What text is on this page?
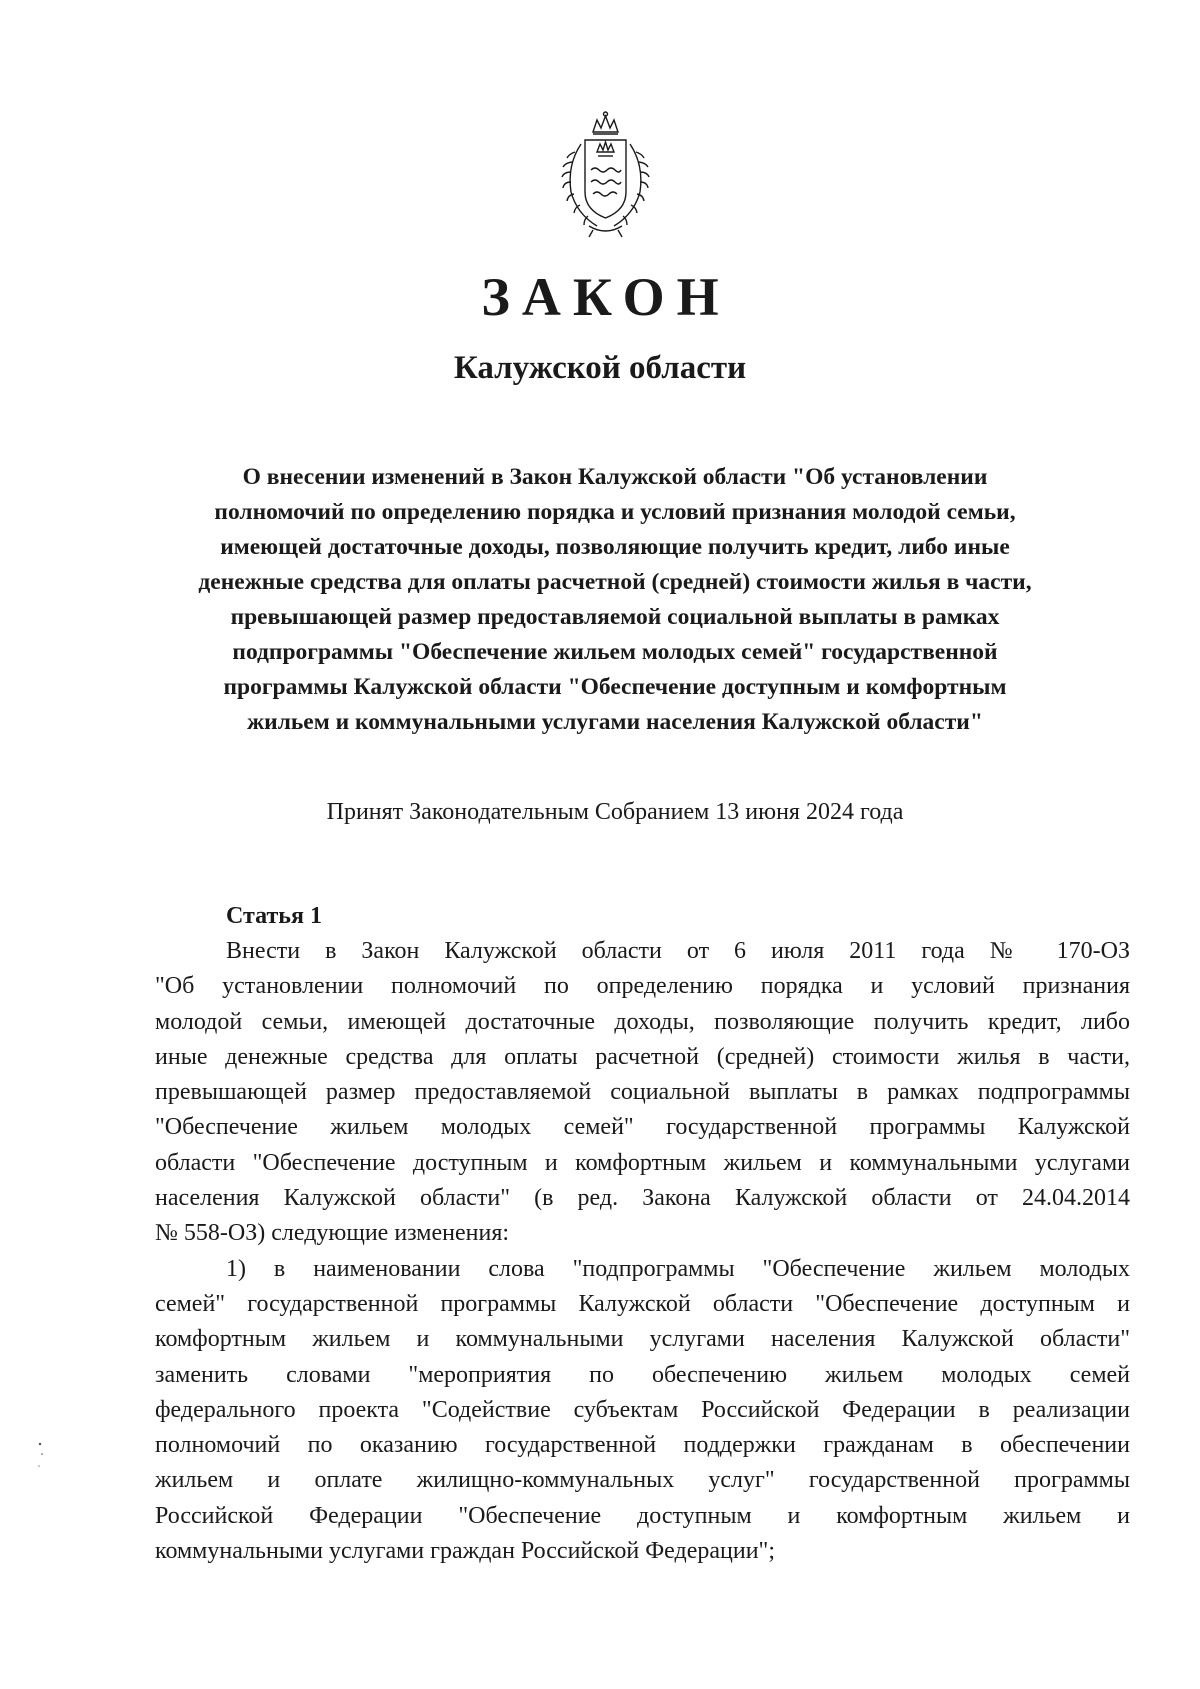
ЗАКОН
Калужской области
О внесении изменений в Закон Калужской области "Об установлении
полномочий по определению порядка и условий признания молодой семьи,
имеющей достаточные доходы, позволяющие получить кредит, либо иные
денежные средства для оплаты расчетной (средней) стоимости жилья в части,
превышающей размер предоставляемой социальной выплаты в рамках
подпрограммы "Обеспечение жильем молодых семей" государственной
программы Калужской области "Обеспечение доступным и комфортным
жильем и коммунальными услугами населения Калужской области"
Принят Законодательным Собранием 13 июня 2024 года
Статья 1
Внести в Закон Калужской области от 6 июля 2011 года № 170-ОЗ
"Об установлении полномочий по определению порядка и условий признания
молодой семьи, имеющей достаточные доходы, позволяющие получить кредит, либо
иные денежные средства для оплаты расчетной (средней) стоимости жилья в части,
превышающей размер предоставляемой социальной выплаты в рамках подпрограммы
"Обеспечение жильем молодых семей" государственной программы Калужской
области "Обеспечение доступным и комфортным жильем и коммунальными услугами
населения Калужской области" (в ред. Закона Калужской области от 24.04.2014
№ 558-ОЗ) следующие изменения:
1) в наименовании слова "подпрограммы "Обеспечение жильем молодых
семей" государственной программы Калужской области "Обеспечение доступным и
комфортным жильем и коммунальными услугами населения Калужской области"
заменить словами "мероприятия по обеспечению жильем молодых семей
федерального проекта "Содействие субъектам Российской Федерации в реализации
полномочий по оказанию государственной поддержки гражданам в обеспечении
жильем и оплате жилищно-коммунальных услуг" государственной программы
Российской Федерации "Обеспечение доступным и комфортным жильем и
коммунальными услугами граждан Российской Федерации";
